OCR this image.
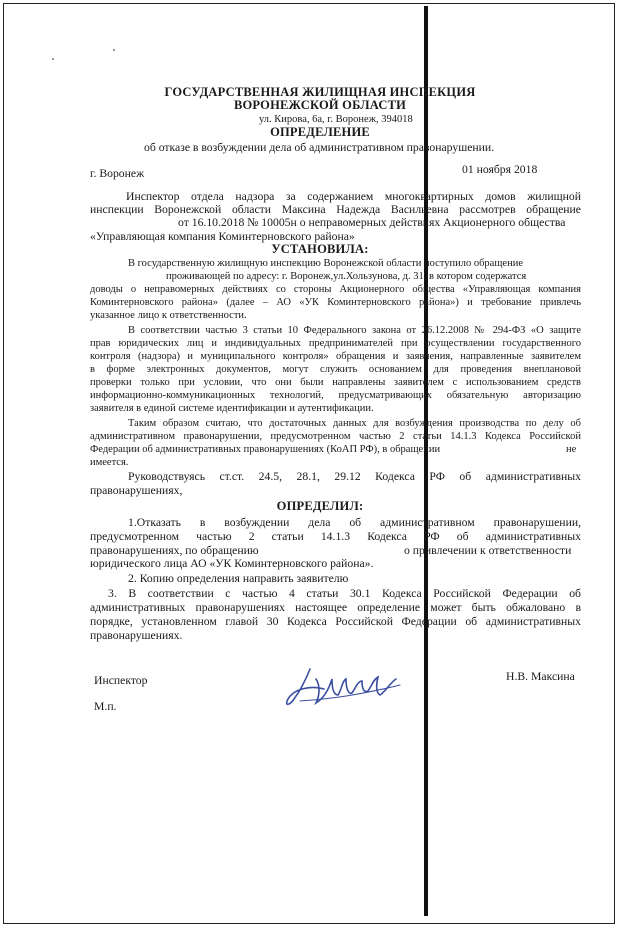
ГОСУДАРСТВЕННАЯ ЖИЛИЩНАЯ ИНСПЕКЦИЯ

ВОРОНЕЖСКОЙ ОБЛАСТИ

ул. Кирова, 6а, г. Воронеж, 394018

ОПРЕДЕЛЕНИЕ

об отказе в возбуждении дела об административном правонарушении.

г. Воронеж	01 ноября 2018

Инспектор отдела надзора за содержанием многоквартирных домов жилищной

инспекции Воронежской области Максина Надежда Васильевна рассмотрев обращение

от 16.10.2018 № 10005н о неправомерных действиях Акционерного общества

«Управляющая компания Коминтерновского района»

УСТАНОВИЛА:

В государственную жилищную инспекцию Воронежской области поступило обращение

проживающей по адресу: г. Воронеж,ул.Хользунова, д. 31, в котором содержатся

доводы о неправомерных действиях со стороны Акционерного общества «Управляющая компания

Коминтерновского района» (далее – АО «УК Коминтерновского района») и требование привлечь

указанное лицо к ответственности.

В соответствии частью 3 статьи 10 Федерального закона от 26.12.2008 № 294-ФЗ «О защите

прав юридических лиц и индивидуальных предпринимателей при осуществлении государственного

контроля (надзора) и муниципального контроля» обращения и заявления, направленные заявителем

в форме электронных документов, могут служить основанием для проведения внеплановой

проверки только при условии, что они были направлены заявителем с использованием средств

информационно-коммуникационных технологий, предусматривающих обязательную авторизацию

заявителя в единой системе идентификации и аутентификации.

Таким образом считаю, что достаточных данных для возбуждения производства по делу об

административном правонарушении, предусмотренном частью 2 статьи 14.1.3 Кодекса Российской

Федерации об административных правонарушениях (КоАП РФ), в обращении	не

имеется.

Руководствуясь ст.ст. 24.5, 28.1, 29.12 Кодекса РФ об административных

правонарушениях,

ОПРЕДЕЛИЛ:

1.Отказать в возбуждении дела об административном правонарушении,

предусмотренном частью 2 статьи 14.1.3 Кодекса РФ об административных

правонарушениях, по обращению	о привлечении к ответственности

юридического лица АО «УК Коминтерновского района».

2. Копию определения направить заявителю

3. В соответствии с частью 4 статьи 30.1 Кодекса Российской Федерации об

административных правонарушениях настоящее определение может быть обжаловано в

порядке, установленном главой 30 Кодекса Российской Федерации об административных

правонарушениях.

Инспектор	Н.В. Максина

М.п.
